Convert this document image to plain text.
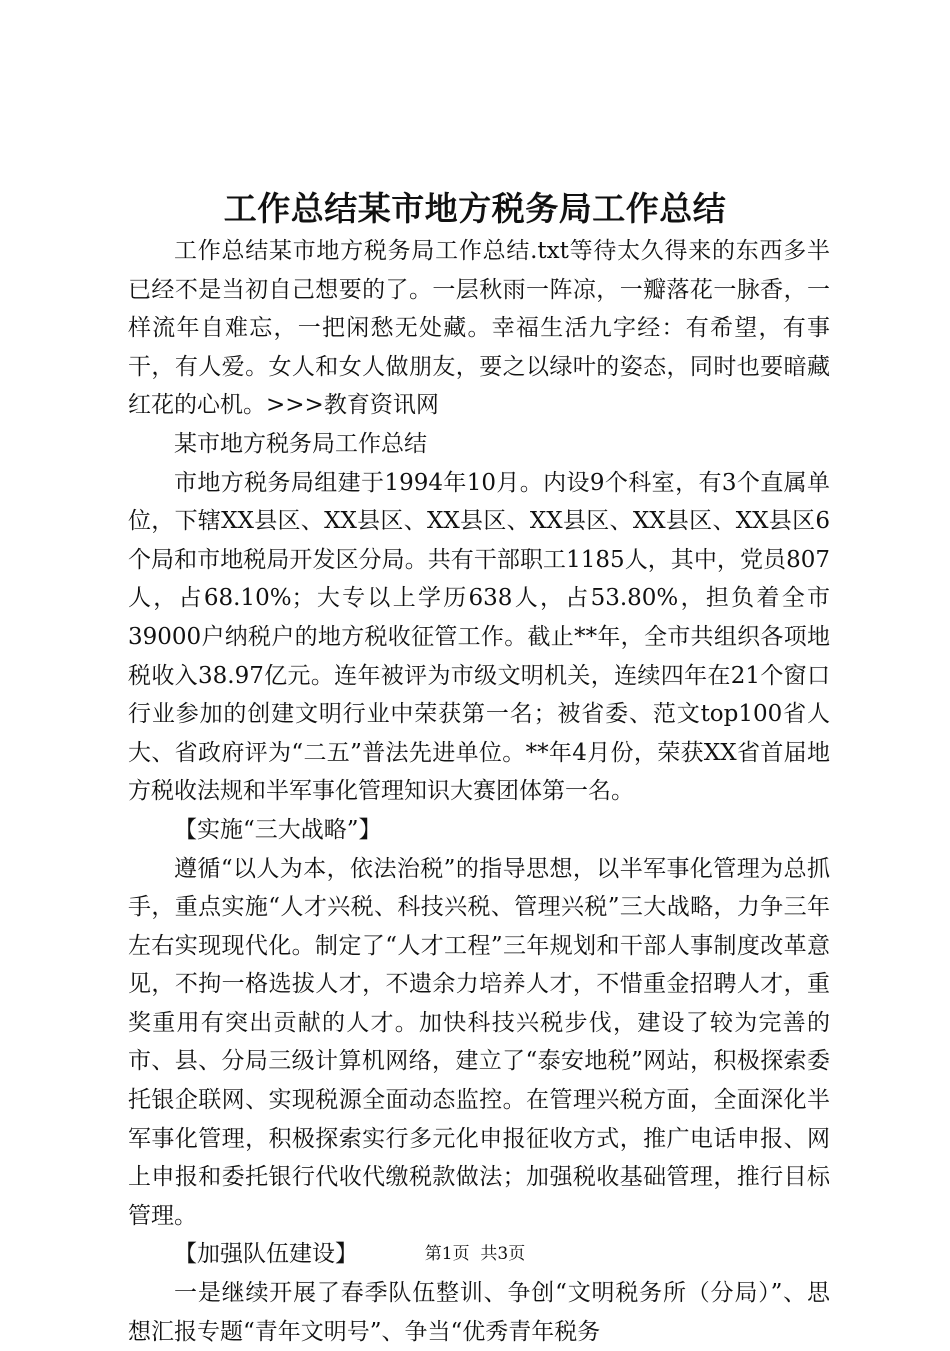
工作总结某市地方税务局工作总结

工作总结某市地方税务局工作总结.txt等待太久得来的东西多半已经不是当初自己想要的了。一层秋雨一阵凉，一瓣落花一脉香，一样流年自难忘，一把闲愁无处藏。幸福生活九字经：有希望，有事干，有人爱。女人和女人做朋友，要之以绿叶的姿态，同时也要暗藏红花的心机。>>>教育资讯网

某市地方税务局工作总结

市地方税务局组建于1994年10月。内设9个科室，有3个直属单位，下辖XX县区、XX县区、XX县区、XX县区、XX县区、XX县区6个局和市地税局开发区分局。共有干部职工1185人，其中，党员807人，占68.10%；大专以上学历638人，占53.80%，担负着全市39000户纳税户的地方税收征管工作。截止**年，全市共组织各项地税收入38.97亿元。连年被评为市级文明机关，连续四年在21个窗口行业参加的创建文明行业中荣获第一名；被省委、范文top100省人大、省政府评为“二五”普法先进单位。**年4月份，荣获XX省首届地方税收法规和半军事化管理知识大赛团体第一名。

【实施“三大战略”】

遵循“以人为本，依法治税”的指导思想，以半军事化管理为总抓手，重点实施“人才兴税、科技兴税、管理兴税”三大战略，力争三年左右实现现代化。制定了“人才工程”三年规划和干部人事制度改革意见，不拘一格选拔人才，不遗余力培养人才，不惜重金招聘人才，重奖重用有突出贡献的人才。加快科技兴税步伐，建设了较为完善的市、县、分局三级计算机网络，建立了“泰安地税”网站，积极探索委托银企联网、实现税源全面动态监控。在管理兴税方面，全面深化半军事化管理，积极探索实行多元化申报征收方式，推广电话申报、网上申报和委托银行代收代缴税款做法；加强税收基础管理，推行目标管理。

【加强队伍建设】

一是继续开展了春季队伍整训、争创“文明税务所（分局）”、思想汇报专题“青年文明号”、争当“优秀青年税务

第1页 共3页
